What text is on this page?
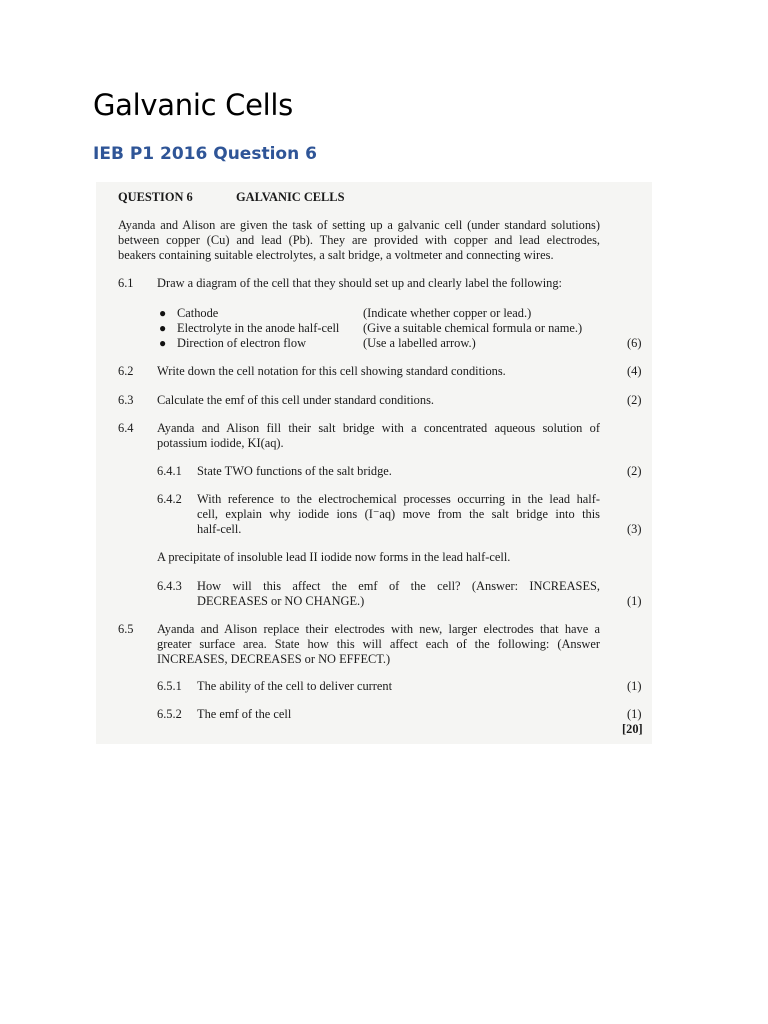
Galvanic Cells
IEB P1 2016 Question 6
QUESTION 6	GALVANIC CELLS
Ayanda and Alison are given the task of setting up a galvanic cell (under standard solutions)
between copper (Cu) and lead (Pb). They are provided with copper and lead electrodes,
beakers containing suitable electrolytes, a salt bridge, a voltmeter and connecting wires.
6.1 Draw a diagram of the cell that they should set up and clearly label the following:
● Cathode	(Indicate whether copper or lead.)
● Electrolyte in the anode half-cell (Give a suitable chemical formula or name.)
● Direction of electron flow	(Use a labelled arrow.)	(6)
6.2 Write down the cell notation for this cell showing standard conditions.	(4)
6.3 Calculate the emf of this cell under standard conditions.	(2)
6.4 Ayanda and Alison fill their salt bridge with a concentrated aqueous solution of
potassium iodide, KI(aq).
6.4.1 State TWO functions of the salt bridge.	(2)
6.4.2 With reference to the electrochemical processes occurring in the lead half-
cell, explain why iodide ions (I⁻aq) move from the salt bridge into this
half-cell.	(3)
A precipitate of insoluble lead II iodide now forms in the lead half-cell.
6.4.3 How will this affect the emf of the cell? (Answer: INCREASES,
DECREASES or NO CHANGE.)	(1)
6.5 Ayanda and Alison replace their electrodes with new, larger electrodes that have a
greater surface area. State how this will affect each of the following: (Answer
INCREASES, DECREASES or NO EFFECT.)
6.5.1 The ability of the cell to deliver current	(1)
6.5.2 The emf of the cell	(1)
[20]
